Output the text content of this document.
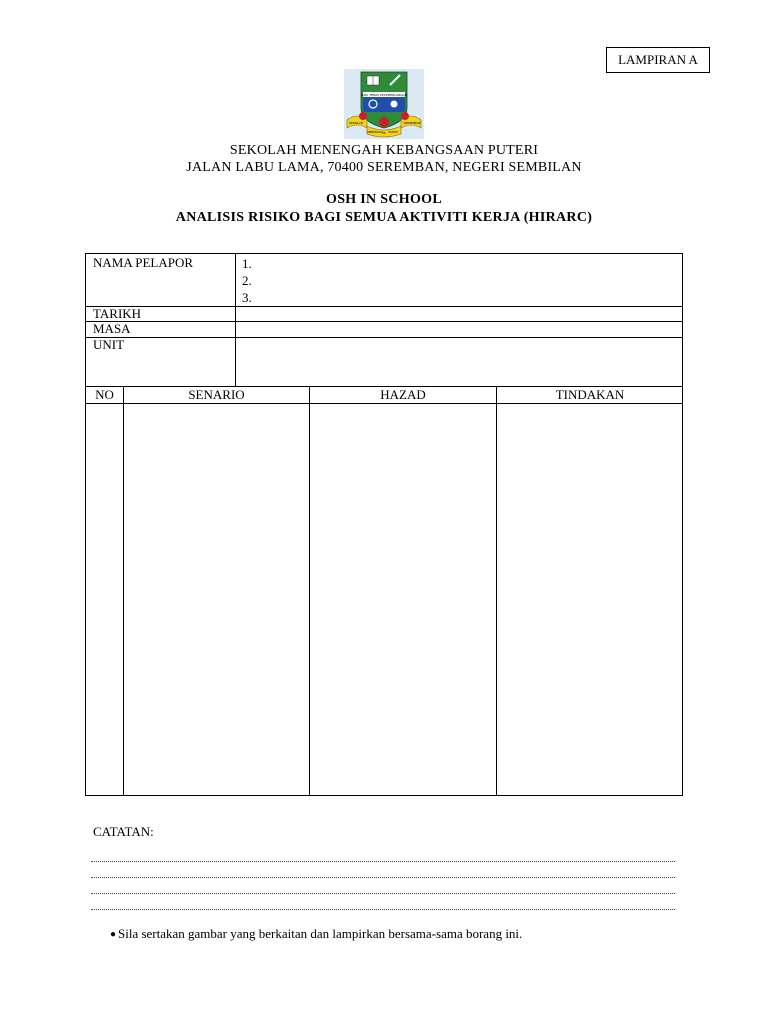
LAMPIRAN A
ILMU TERAS KECEMERLANGAN
SEKOLAH	SEREMBAN
MENENGAH KE PUTERI
SEKOLAH MENENGAH KEBANGSAAN PUTERI
JALAN LABU LAMA, 70400 SEREMBAN, NEGERI SEMBILAN
OSH IN SCHOOL
ANALISIS RISIKO BAGI SEMUA AKTIVITI KERJA (HIRARC)
NAMA PELAPOR	1.
2.
3.
TARIKH
MASA
UNIT
NO	SENARIO	HAZAD	TINDAKAN
CATATAN:
● Sila sertakan gambar yang berkaitan dan lampirkan bersama-sama borang ini.
